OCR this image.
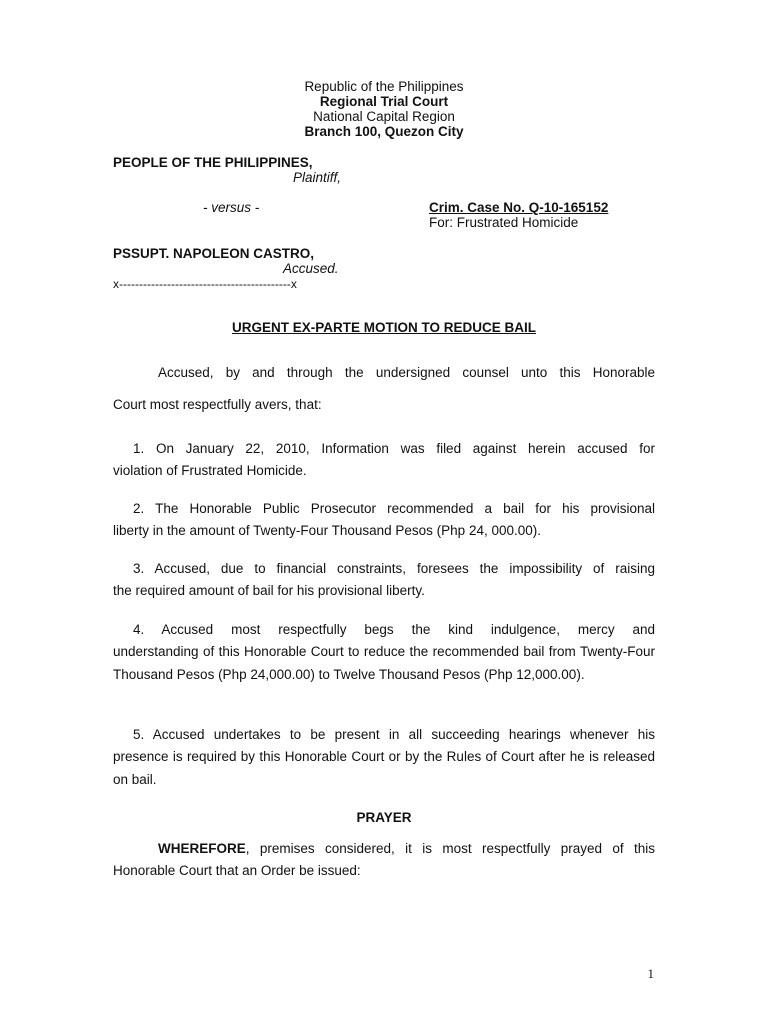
Republic of the Philippines
Regional Trial Court
National Capital Region
Branch 100, Quezon City
PEOPLE OF THE PHILIPPINES,
Plaintiff,
- versus -	Crim. Case No. Q-10-165152
For: Frustrated Homicide
PSSUPT. NAPOLEON CASTRO,
Accused.
x-------------------------------------------x
URGENT EX-PARTE MOTION TO REDUCE BAIL
Accused, by and through the undersigned counsel unto this Honorable
Court most respectfully avers, that:
1. On January 22, 2010, Information was filed against herein accused for
violation of Frustrated Homicide.
2. The Honorable Public Prosecutor recommended a bail for his provisional
liberty in the amount of Twenty-Four Thousand Pesos (Php 24, 000.00).
3. Accused, due to financial constraints, foresees the impossibility of raising
the required amount of bail for his provisional liberty.
4. Accused most respectfully begs the kind indulgence, mercy and
understanding of this Honorable Court to reduce the recommended bail from Twenty-Four Thousand Pesos (Php 24,000.00) to Twelve Thousand Pesos (Php 12,000.00).
5. Accused undertakes to be present in all succeeding hearings whenever his
presence is required by this Honorable Court or by the Rules of Court after he is released on bail.
PRAYER
WHEREFORE, premises considered, it is most respectfully prayed of this
Honorable Court that an Order be issued:
1
